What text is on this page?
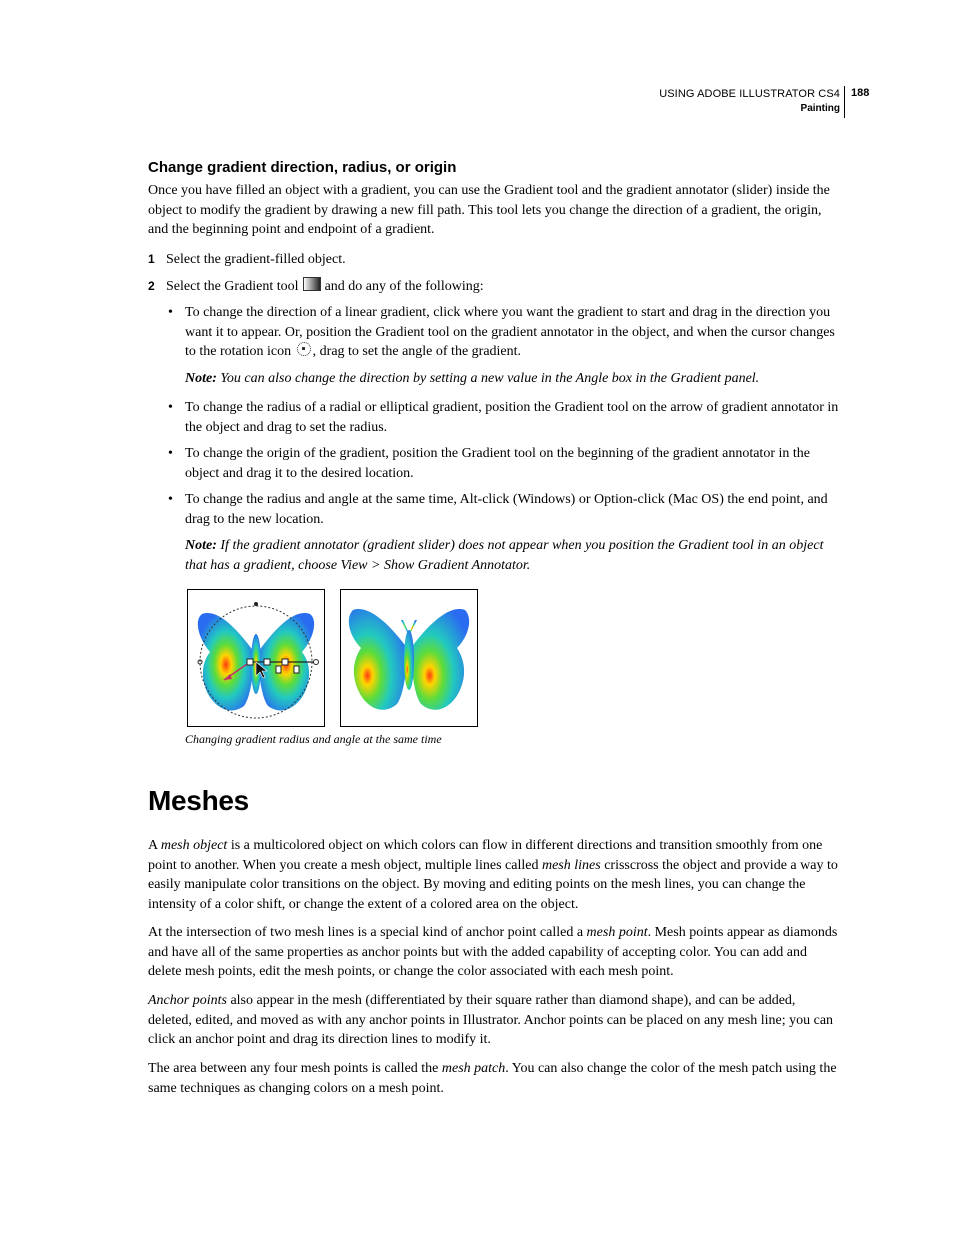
USING ADOBE ILLUSTRATOR CS4
Painting
188
Change gradient direction, radius, or origin

Once you have filled an object with a gradient, you can use the Gradient tool and the gradient annotator (slider) inside the object to modify the gradient by drawing a new fill path. This tool lets you change the direction of a gradient, the origin, and the beginning point and endpoint of a gradient.

1 Select the gradient-filled object.
2 Select the Gradient tool and do any of the following:
• To change the direction of a linear gradient, click where you want the gradient to start and drag in the direction you want it to appear. Or, position the Gradient tool on the gradient annotator in the object, and when the cursor changes to the rotation icon , drag to set the angle of the gradient.
Note: You can also change the direction by setting a new value in the Angle box in the Gradient panel.
• To change the radius of a radial or elliptical gradient, position the Gradient tool on the arrow of gradient annotator in the object and drag to set the radius.
• To change the origin of the gradient, position the Gradient tool on the beginning of the gradient annotator in the object and drag it to the desired location.
• To change the radius and angle at the same time, Alt-click (Windows) or Option-click (Mac OS) the end point, and drag to the new location.
Note: If the gradient annotator (gradient slider) does not appear when you position the Gradient tool in an object that has a gradient, choose View > Show Gradient Annotator.
Changing gradient radius and angle at the same time
Meshes

A mesh object is a multicolored object on which colors can flow in different directions and transition smoothly from one point to another. When you create a mesh object, multiple lines called mesh lines crisscross the object and provide a way to easily manipulate color transitions on the object. By moving and editing points on the mesh lines, you can change the intensity of a color shift, or change the extent of a colored area on the object.

At the intersection of two mesh lines is a special kind of anchor point called a mesh point. Mesh points appear as diamonds and have all of the same properties as anchor points but with the added capability of accepting color. You can add and delete mesh points, edit the mesh points, or change the color associated with each mesh point.

Anchor points also appear in the mesh (differentiated by their square rather than diamond shape), and can be added, deleted, edited, and moved as with any anchor points in Illustrator. Anchor points can be placed on any mesh line; you can click an anchor point and drag its direction lines to modify it.

The area between any four mesh points is called the mesh patch. You can also change the color of the mesh patch using the same techniques as changing colors on a mesh point.
